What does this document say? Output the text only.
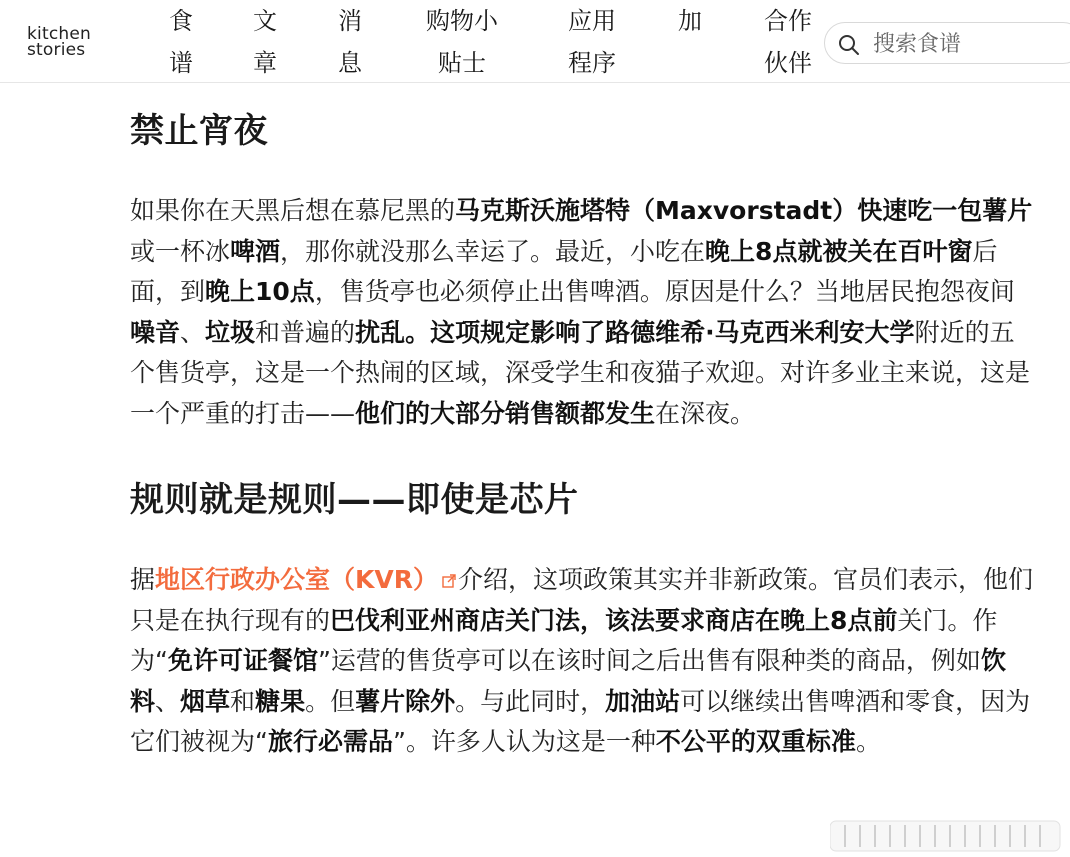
kitchen
stories
食
谱
文
章
消
息
购物小
贴士
应用
程序
加	合作
伙伴
搜索食谱
禁止宵夜

如果你在天黑后想在慕尼黑的马克斯沃施塔特（Maxvorstadt）快速吃一包薯片或一杯冰啤酒，那你就没那么幸运了。最近，小吃在晚上8点就被关在百叶窗后面，到晚上10点，售货亭也必须停止出售啤酒。原因是什么？当地居民抱怨夜间噪音、垃圾和普遍的扰乱。这项规定影响了路德维希·马克西米利安大学附近的五个售货亭，这是一个热闹的区域，深受学生和夜猫子欢迎。对许多业主来说，这是一个严重的打击——他们的大部分销售额都发生在深夜。

规则就是规则——即使是芯片

据地区行政办公室（KVR） 介绍，这项政策其实并非新政策。官员们表示，他们只是在执行现有的巴伐利亚州商店关门法，该法要求商店在晚上8点前关门。作为“免许可证餐馆”运营的售货亭可以在该时间之后出售有限种类的商品，例如饮料、烟草和糖果。但薯片除外。与此同时，加油站可以继续出售啤酒和零食，因为它们被视为“旅行必需品”。许多人认为这是一种不公平的双重标准。
